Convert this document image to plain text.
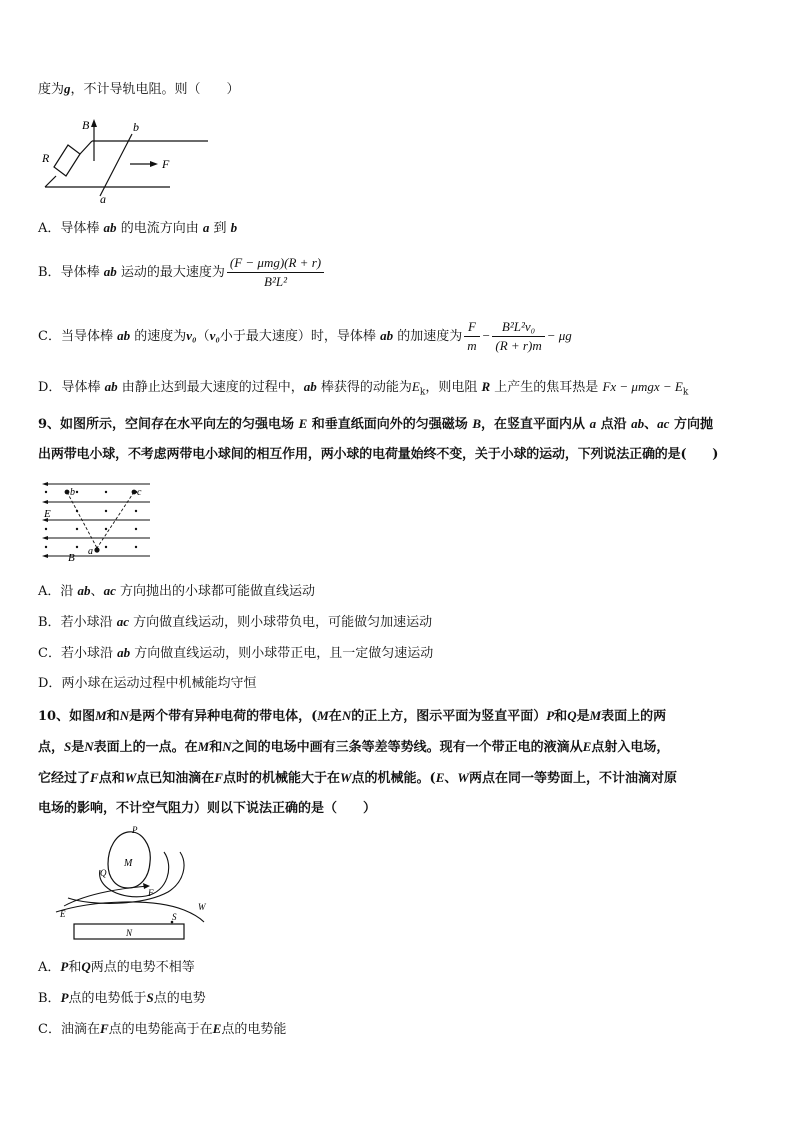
度为g，不计导轨电阻。则（　　）
R
B	b
F
a
A．导体棒 ab 的电流方向由 a 到 b
B．导体棒 ab 运动的最大速度为 $\frac{\text{(F − μmg)(R + r)}}{\text{B²L²}}$
C．当导体棒 ab 的速度为v₀（v₀小于最大速度）时，导体棒 ab 的加速度为 $\frac{F}{m} - \frac{\text{B²L²v₀}}{(R + r)m} - \mu g$
D．导体棒 ab 由静止达到最大速度的过程中，ab 棒获得的动能为$E_k$，则电阻 R 上产生的焦耳热是 $Fx - \mu mgx - E_k$
9、如图所示，空间存在水平向左的匀强电场 E 和垂直纸面向外的匀强磁场 B，在竖直平面内从 a 点沿 ab、ac 方向抛
出两带电小球，不考虑两带电小球间的相互作用，两小球的电荷量始终不变，关于小球的运动，下列说法正确的是(　　)
b	c
E
a
B
A．沿 ab、ac 方向抛出的小球都可能做直线运动
B．若小球沿 ac 方向做直线运动，则小球带负电，可能做匀加速运动
C．若小球沿 ab 方向做直线运动，则小球带正电，且一定做匀速运动
D．两小球在运动过程中机械能均守恒
10、如图M和N是两个带有异种电荷的带电体，(M在N的正上方，图示平面为竖直平面）P和Q是M表面上的两
点，S是N表面上的一点。在M和N之间的电场中画有三条等差等势线。现有一个带正电的液滴从E点射入电场，
它经过了F点和W点已知油滴在F点时的机械能大于在W点的机械能。(E、W两点在同一等势面上，不计油滴对原
电场的影响，不计空气阻力）则以下说法正确的是（　　）
P
M
Q
F
E
W
S
N
A．P和Q两点的电势不相等
B．P点的电势低于S点的电势
C．油滴在F点的电势能高于在E点的电势能
